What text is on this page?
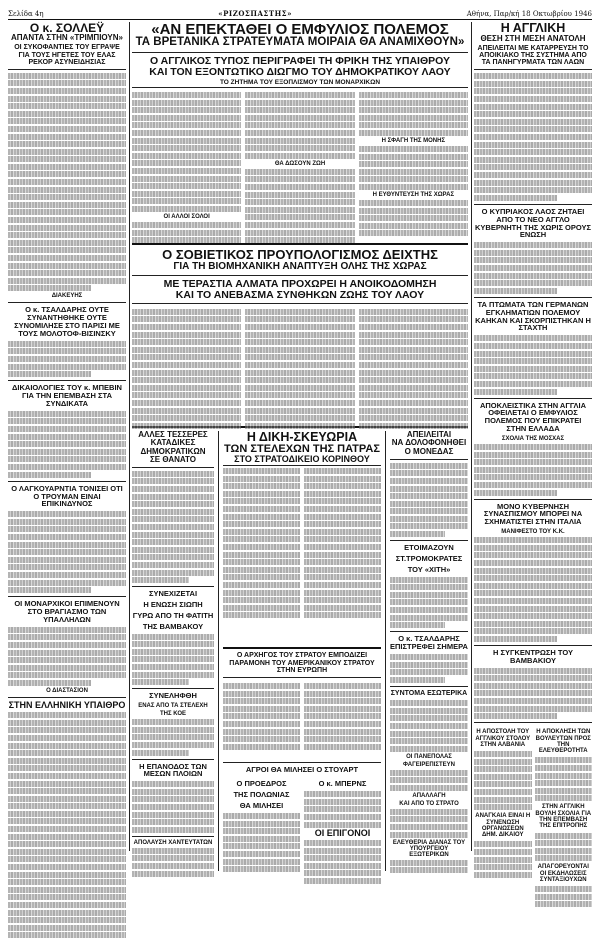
Σελίδα 4η	«ΡΙΖΟΣΠΑΣΤΗΣ»	Αθήνα, Παρ/κή 18 Οκτωβρίου 1946
Ο κ. ΣΟΛΛΕΫ
ΑΠΑΝΤΑ ΣΤΗΝ «ΤΡΙΜΠΙΟΥΝ»
ΟΙ ΣΥΚΟΦΑΝΤΙΕΣ ΤΟΥ ΕΓΡΑΨΕ ΓΙΑ ΤΟΥΣ ΗΓΕΤΕΣ ΤΟΥ ΕΛΑΣ ΡΕΚΟΡ ΑΣΥΝΕΙΔΗΣΙΑΣ
ΔΙΑΚΕΥΗΣ
Ο κ. ΤΣΑΛΔΑΡΗΣ ΟΥΤΕ ΣΥΝΑΝΤΗΘΗΚΕ ΟΥΤΕ ΣΥΝΟΜΙΛΗΣΕ ΣΤΟ ΠΑΡΙΣΙ ΜΕ ΤΟΥΣ ΜΟΛΟΤΟΦ-ΒΙΣΙΝΣΚΥ
ΔΙΚΑΙΟΛΟΓΙΕΣ ΤΟΥ κ. ΜΠΕΒΙΝ ΓΙΑ ΤΗΝ ΕΠΕΜΒΑΣΗ ΣΤΑ ΣΥΝΔΙΚΑΤΑ
Ο ΛΑΓΚΟΥΑΡΝΤΙΑ ΤΟΝΙΣΕΙ ΟΤΙ Ο ΤΡΟΥΜΑΝ ΕΙΝΑΙ ΕΠΙΚΙΝΔΥΝΟΣ
ΟΙ ΜΟΝΑΡΧΙΚΟΙ ΕΠΙΜΕΝΟΥΝ ΣΤΟ ΒΡΑΓΙΑΣΜΟ ΤΩΝ ΥΠΑΛΛΗΛΩΝ
Ο ΔΙΑΣΤΑΣΙΟΝ
ΣΤΗΝ ΕΛΛΗΝΙΚΗ ΥΠΑΙΘΡΟ
«ΑΝ ΕΠΕΚΤΑΘΕΙ Ο ΕΜΦΥΛΙΟΣ ΠΟΛΕΜΟΣ
ΤΑ ΒΡΕΤΑΝΙΚΑ ΣΤΡΑΤΕΥΜΑΤΑ ΜΟΙΡΑΙΑ ΘΑ ΑΝΑΜΙΧΘΟΥΝ»
Ο ΑΓΓΛΙΚΟΣ ΤΥΠΟΣ ΠΕΡΙΓΡΑΦΕΙ ΤΗ ΦΡΙΚΗ ΤΗΣ ΥΠΑΙΘΡΟΥ
ΚΑΙ ΤΟΝ ΕΞΟΝΤΩΤΙΚΟ ΔΙΩΓΜΟ ΤΟΥ ΔΗΜΟΚΡΑΤΙΚΟΥ ΛΑΟΥ
ΤΟ ΖΗΤΗΜΑ ΤΟΥ ΕΞΟΠΛΙΣΜΟΥ ΤΩΝ ΜΟΝΑΡΧΙΚΩΝ
ΟΙ ΑΛΛΟΙ ΣΟΛΟΙ
ΘΑ ΔΩΣΟΥΝ ΖΩΗ
Η ΣΦΑΓΗ ΤΗΣ ΜΟΝΗΣ
Η ΕΥΘΥΝΤΕΥΣΗ ΤΗΣ ΧΩΡΑΣ
Ο ΣΟΒΙΕΤΙΚΟΣ ΠΡΟΥΠΟΛΟΓΙΣΜΟΣ ΔΕΙΧΤΗΣ
ΓΙΑ ΤΗ ΒΙΟΜΗΧΑΝΙΚΗ ΑΝΑΠΤΥΞΗ ΟΛΗΣ ΤΗΣ ΧΩΡΑΣ
ΜΕ ΤΕΡΑΣΤΙΑ ΑΛΜΑΤΑ ΠΡΟΧΩΡΕΙ Η ΑΝΟΙΚΟΔΟΜΗΣΗ
ΚΑΙ ΤΟ ΑΝΕΒΑΣΜΑ ΣΥΝΘΗΚΩΝ ΖΩΗΣ ΤΟΥ ΛΑΟΥ
ΑΛΛΕΣ ΤΕΣΣΕΡΕΣ
ΚΑΤΑΔΙΚΕΣ
ΔΗΜΟΚΡΑΤΙΚΩΝ
ΣΕ ΘΑΝΑΤΟ
ΣΥΝΕΧΙΖΕΤΑΙ
Η ΕΝΩΣΗ ΣΙΩΠΗ
ΓΥΡΩ ΑΠΟ ΤΗ ΦΑΤΙΤΗ
ΤΗΣ ΒΑΜΒΑΚΟΥ
ΣΥΝΕΛΗΦΘΗ
ΕΝΑΣ ΑΠΟ ΤΑ ΣΤΕΛΕΧΗ
ΤΗΣ ΚΟΕ
Η ΕΠΑΝΟΔΟΣ ΤΩΝ ΜΕΣΩΝ ΠΛΟΙΩΝ
ΑΠΟΛΑΥΣΗ ΧΑΝΤΕΥΤΑΤΩΝ
Η ΔΙΚΗ-ΣΚΕΥΩΡΙΑ
ΤΩΝ ΣΤΕΛΕΧΩΝ ΤΗΣ ΠΑΤΡΑΣ
ΣΤΟ ΣΤΡΑΤΟΔΙΚΕΙΟ ΚΟΡΙΝΘΟΥ
Ο ΑΡΧΗΓΟΣ ΤΟΥ ΣΤΡΑΤΟΥ ΕΜΠΟΔΙΖΕΙ ΠΑΡΑΜΟΝΗ ΤΟΥ ΑΜΕΡΙΚΑΝΙΚΟΥ ΣΤΡΑΤΟΥ ΣΤΗΝ ΕΥΡΩΠΗ
ΑΓΡΟΙ ΘΑ ΜΙΛΗΣΕΙ Ο ΣΤΟΥΑΡΤ
Ο ΠΡΟΕΔΡΟΣ
ΤΗΣ ΠΟΛΩΝΙΑΣ
ΘΑ ΜΙΛΗΣΕΙ
Ο κ. ΜΠΕΡΝΣ
ΟΙ ΕΠΙΓΟΝΟΙ
ΑΠΕΙΛΕΙΤΑΙ
ΝΑ ΔΟΛΟΦΟΝΗΘΕΙ
Ο ΜΟΝΕΔΑΣ
ΕΤΟΙΜΑΖΟΥΝ
ΣΤ.ΤΡΟΜΟΚΡΑΤΕΣ
ΤΟΥ «ΧΙΤΗ»
Ο κ. ΤΣΑΛΔΑΡΗΣ ΕΠΙΣΤΡΕΦΕΙ ΣΗΜΕΡΑ
ΣΥΝΤΟΜΑ ΕΣΩΤΕΡΙΚΑ
ΟΙ ΠΑΝΕΠΟΛΑΣ
ΦΑΓΕΙΡΕΠΙΣΤΕΥΝ
ΑΠΑΛΛΑΓΗ
ΚΑΙ ΑΠΟ ΤΟ ΣΤΡΑΤΟ
ΕΛΕΥΘΕΡΙΑ ΔΙΑΝΑΣ ΤΟΥ ΥΠΟΥΡΓΕΙΟΥ ΕΞΩΤΕΡΙΚΩΝ
Η ΑΓΓΛΙΚΗ
ΘΕΣΗ ΣΤΗ ΜΕΣΗ ΑΝΑΤΟΛΗ
ΑΠΕΙΛΕΙΤΑΙ ΜΕ ΚΑΤΑΡΡΕΥΣΗ ΤΟ ΑΠΟΙΚΙΑΚΟ ΤΗΣ ΣΥΣΤΗΜΑ ΑΠΟ ΤΑ ΠΑΝΗΓΥΡΜΑΤΑ ΤΩΝ ΛΑΩΝ
Ο ΚΥΠΡΙΑΚΟΣ ΛΑΟΣ ΖΗΤΑΕΙ ΑΠΟ ΤΟ ΝΕΟ ΑΓΓΛΟ ΚΥΒΕΡΝΗΤΗ ΤΗΣ ΧΩΡΙΣ ΟΡΟΥΣ ΕΝΩΣΗ
ΤΑ ΠΤΩΜΑΤΑ ΤΩΝ ΓΕΡΜΑΝΩΝ ΕΓΚΛΗΜΑΤΙΩΝ ΠΟΛΕΜΟΥ ΚΑΗΚΑΝ ΚΑΙ ΣΚΟΡΠΙΣΤΗΚΑΝ Η ΣΤΑΧΤΗ
ΑΠΟΚΛΕΙΣΤΙΚΑ ΣΤΗΝ ΑΓΓΛΙΑ ΟΦΕΙΛΕΤΑΙ Ο ΕΜΦΥΛΙΟΣ ΠΟΛΕΜΟΣ ΠΟΥ ΕΠΙΚΡΑΤΕΙ ΣΤΗΝ ΕΛΛΑΔΑ
ΣΧΟΛΙΑ ΤΗΣ ΜΟΣΧΑΣ
ΜΟΝΟ ΚΥΒΕΡΝΗΣΗ ΣΥΝΑΣΠΙΣΜΟΥ ΜΠΟΡΕΙ ΝΑ ΣΧΗΜΑΤΙΣΤΕΙ ΣΤΗΝ ΙΤΑΛΙΑ
ΜΑΝΙΦΕΣΤΟ ΤΟΥ Κ.Κ.
Η ΣΥΓΚΕΝΤΡΩΣΗ ΤΟΥ ΒΑΜΒΑΚΙΟΥ
Η ΑΠΟΣΤΟΛΗ ΤΟΥ ΑΓΓΛΙΚΟΥ ΣΤΟΛΟΥ ΣΤΗΝ ΑΛΒΑΝΙΑ
ΑΝΑΓΚΑΙΑ ΕΙΝΑΙ Η ΣΥΝΕΝΩΣΗ ΟΡΓΑΝΩΣΕΩΝ ΔΗΜ. ΔΙΚΑΙΟΥ
Η ΑΠΟΚΛΗΣΗ ΤΩΝ ΒΟΥΛΕΥΤΩΝ ΠΡΟΣ ΤΗΝ ΕΛΕΥΘΕΡΟΤΗΤΑ
ΣΤΗΝ ΑΓΓΛΙΚΗ ΒΟΥΛΗ ΣΧΟΛΙΑ ΓΙΑ ΤΗΝ ΕΠΕΜΒΑΣΗ ΤΗΣ ΕΠΙΤΡΟΠΗΣ
ΑΠΑΓΟΡΕΥΟΝΤΑΙ ΟΙ ΕΚΔΗΛΩΣΕΙΣ ΣΥΝΤΑΞΙΟΥΧΩΝ
